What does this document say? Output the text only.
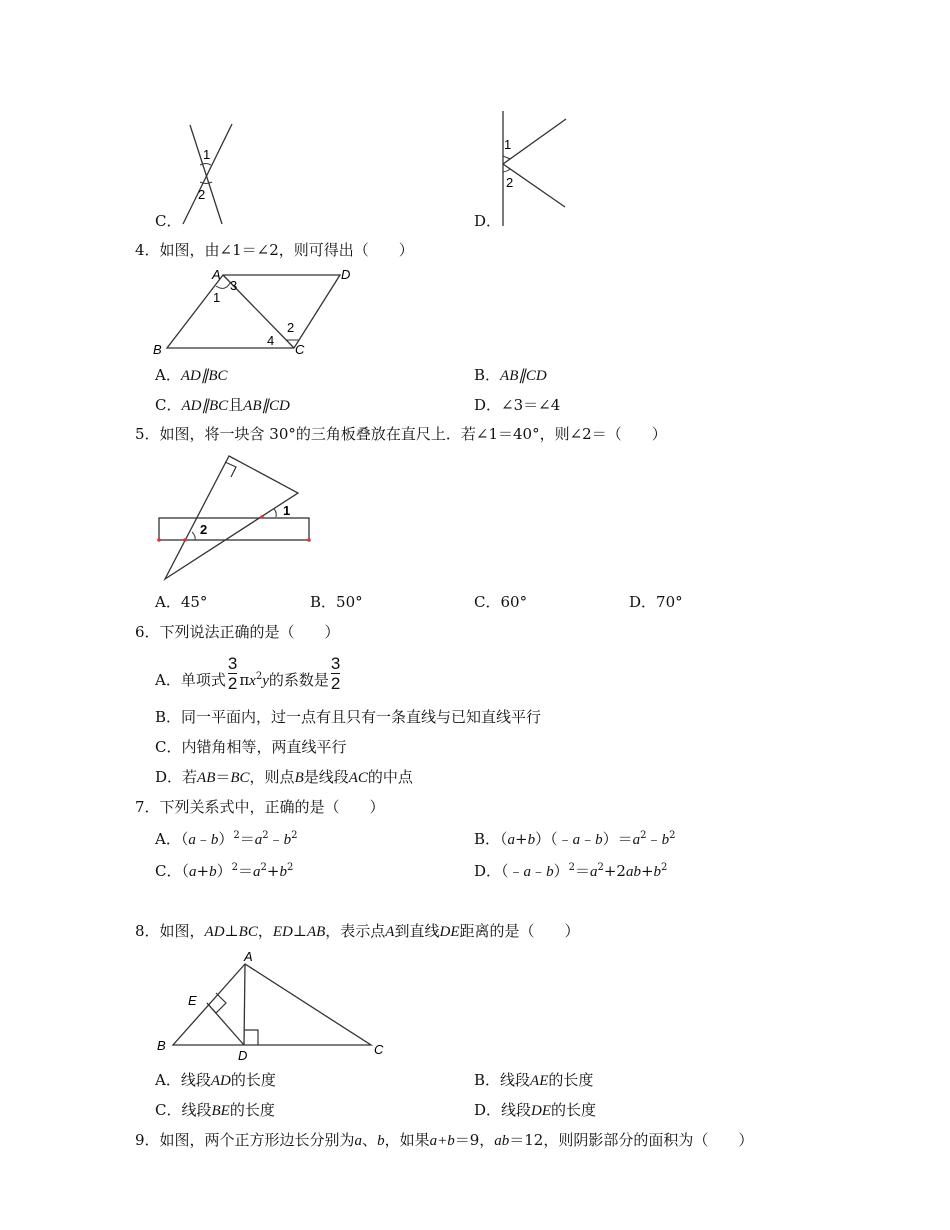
1
2
C．
1
2
D．
4．如图，由∠1＝∠2，则可得出（　　）
A	D
B	C
1
3
2
4
A．AD∥BC	B．AB∥CD
C．AD∥BC且AB∥CD	D．∠3＝∠4
5．如图，将一块含 30°的三角板叠放在直尺上．若∠1＝40°，则∠2＝（　　）
1
2
A．45°	B．50°	C．60°	D．70°
6．下列说法正确的是（　　）
A．单项式 $\frac{3}{2} \pi x^2y$ 的系数是 $\frac{3}{2}$
B．同一平面内，过一点有且只有一条直线与已知直线平行
C．内错角相等，两直线平行
D．若AB＝BC，则点B是线段AC的中点
7．下列关系式中，正确的是（　　）
A．$(a﹣b)^2=a^2﹣b^2$	B．$(a+b)(﹣a﹣b)=a^2﹣b^2$
C．$(a+b)^2=a^2+b^2$	D．$(﹣a﹣b)^2=a^2+2ab+b^2$
8．如图，AD⊥BC，ED⊥AB，表示点A到直线DE距离的是（　　）
A
E
B
D	C
A．线段AD的长度	B．线段AE的长度
C．线段BE的长度	D．线段DE的长度
9．如图，两个正方形边长分别为a、b，如果a+b＝9，ab＝12，则阴影部分的面积为（　　）
